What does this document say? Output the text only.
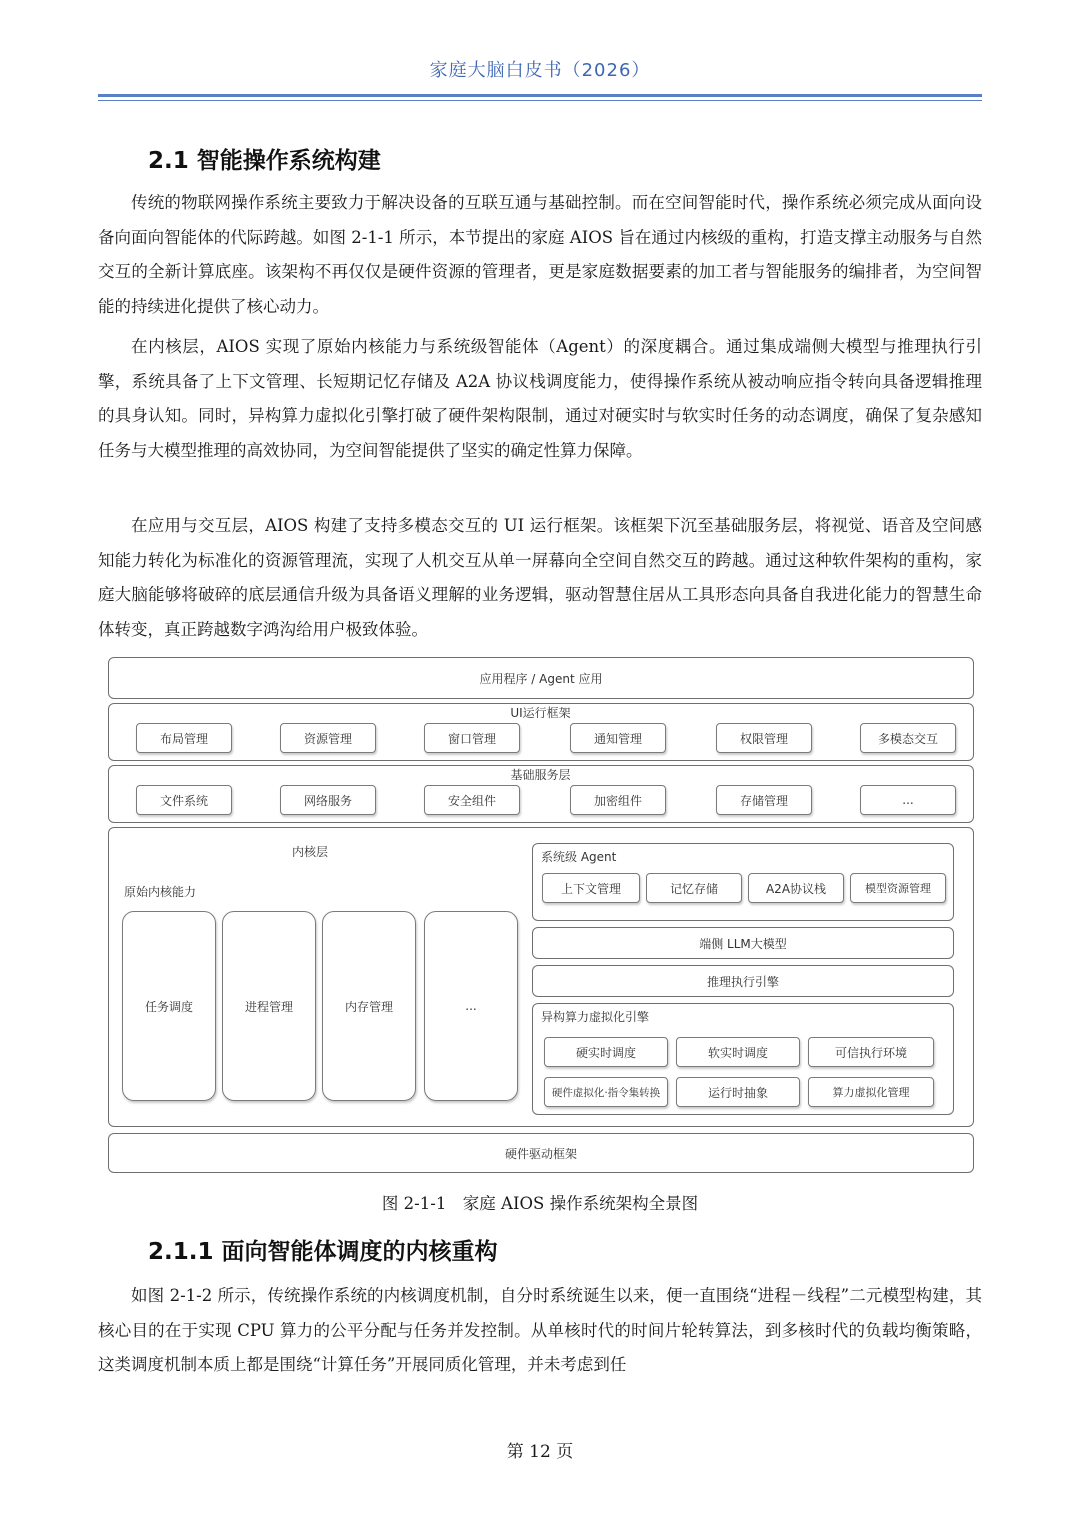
家庭大脑白皮书（2026）
2.1 智能操作系统构建

传统的物联网操作系统主要致力于解决设备的互联互通与基础控制。而在空间智能时代，操作系统必须完成从面向设备向面向智能体的代际跨越。如图 2-1-1 所示，本节提出的家庭 AIOS 旨在通过内核级的重构，打造支撑主动服务与自然交互的全新计算底座。该架构不再仅仅是硬件资源的管理者，更是家庭数据要素的加工者与智能服务的编排者，为空间智能的持续进化提供了核心动力。

在内核层，AIOS 实现了原始内核能力与系统级智能体（Agent）的深度耦合。通过集成端侧大模型与推理执行引擎，系统具备了上下文管理、长短期记忆存储及 A2A 协议栈调度能力，使得操作系统从被动响应指令转向具备逻辑推理的具身认知。同时，异构算力虚拟化引擎打破了硬件架构限制，通过对硬实时与软实时任务的动态调度，确保了复杂感知任务与大模型推理的高效协同，为空间智能提供了坚实的确定性算力保障。

在应用与交互层，AIOS 构建了支持多模态交互的 UI 运行框架。该框架下沉至基础服务层，将视觉、语音及空间感知能力转化为标准化的资源管理流，实现了人机交互从单一屏幕向全空间自然交互的跨越。通过这种软件架构的重构，家庭大脑能够将破碎的底层通信升级为具备语义理解的业务逻辑，驱动智慧住居从工具形态向具备自我进化能力的智慧生命体转变，真正跨越数字鸿沟给用户极致体验。

应用程序 / Agent 应用
UI运行框架
布局管理	资源管理	窗口管理	通知管理	权限管理	多模态交互
基础服务层
文件系统	网络服务	安全组件	加密组件	存储管理	...
内核层
原始内核能力
任务调度	进程管理	内存管理	...
系统级 Agent
上下文管理	记忆存储	A2A协议栈	模型资源管理
端侧 LLM大模型
推理执行引擎
异构算力虚拟化引擎
硬实时调度	软实时调度	可信执行环境
硬件虚拟化·指令集转换	运行时抽象	算力虚拟化管理
硬件驱动框架
图 2-1-1　家庭 AIOS 操作系统架构全景图
2.1.1 面向智能体调度的内核重构

如图 2-1-2 所示，传统操作系统的内核调度机制，自分时系统诞生以来，便一直围绕“进程－线程”二元模型构建，其核心目的在于实现 CPU 算力的公平分配与任务并发控制。从单核时代的时间片轮转算法，到多核时代的负载均衡策略，这类调度机制本质上都是围绕“计算任务”开展同质化管理，并未考虑到任

第 12 页
